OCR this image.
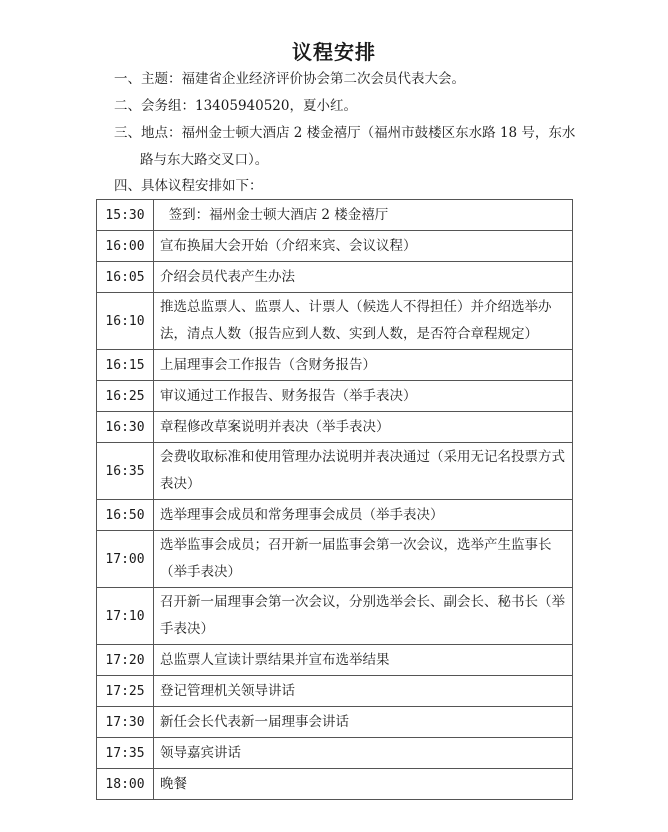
议程安排

一、主题：福建省企业经济评价协会第二次会员代表大会。

二、会务组：13405940520，夏小红。

三、地点：福州金士顿大酒店 2 楼金禧厅（福州市鼓楼区东水路 18 号，东水

路与东大路交叉口）。

四、具体议程安排如下：

15:30	签到：福州金士顿大酒店 2 楼金禧厅
16:00	宣布换届大会开始（介绍来宾、会议议程）
16:05	介绍会员代表产生办法
16:10	推选总监票人、监票人、计票人（候选人不得担任）并介绍选举办法，清点人数（报告应到人数、实到人数，是否符合章程规定）
16:15	上届理事会工作报告（含财务报告）
16:25	审议通过工作报告、财务报告（举手表决）
16:30	章程修改草案说明并表决（举手表决）
16:35	会费收取标准和使用管理办法说明并表决通过（采用无记名投票方式表决）
16:50	选举理事会成员和常务理事会成员（举手表决）
17:00	选举监事会成员；召开新一届监事会第一次会议，选举产生监事长（举手表决）
17:10	召开新一届理事会第一次会议，分别选举会长、副会长、秘书长（举手表决）
17:20	总监票人宣读计票结果并宣布选举结果
17:25	登记管理机关领导讲话
17:30	新任会长代表新一届理事会讲话
17:35	领导嘉宾讲话
18:00	晚餐
